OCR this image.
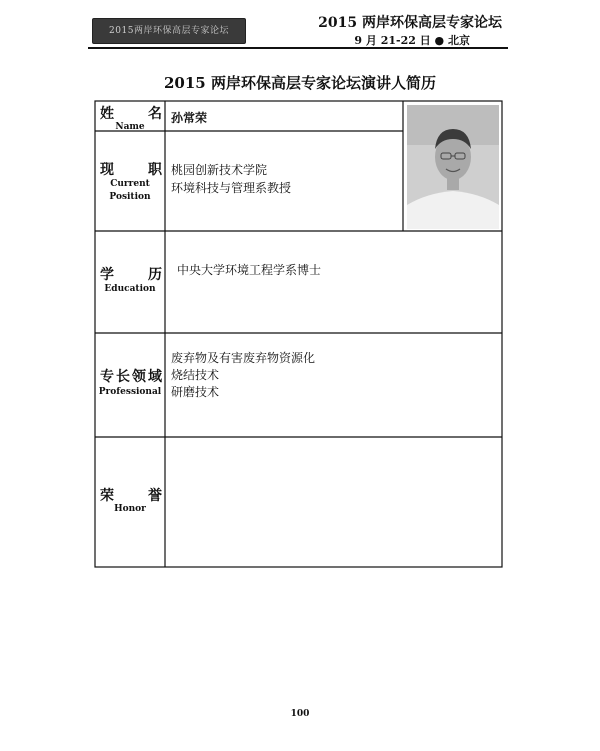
2015两岸环保高层专家论坛	2015 两岸环保高层专家论坛
9 月 21-22 日 ● 北京
2015 两岸环保高层专家论坛演讲人简历
姓 名
Name
孙常荣
现 职
Current
Position
桃园创新技术学院
环境科技与管理系教授
学 历
Education
中央大学环境工程学系博士
专 长 领 域
Professional
废弃物及有害废弃物资源化
烧结技术
研磨技术
荣 誉
Honor
100
